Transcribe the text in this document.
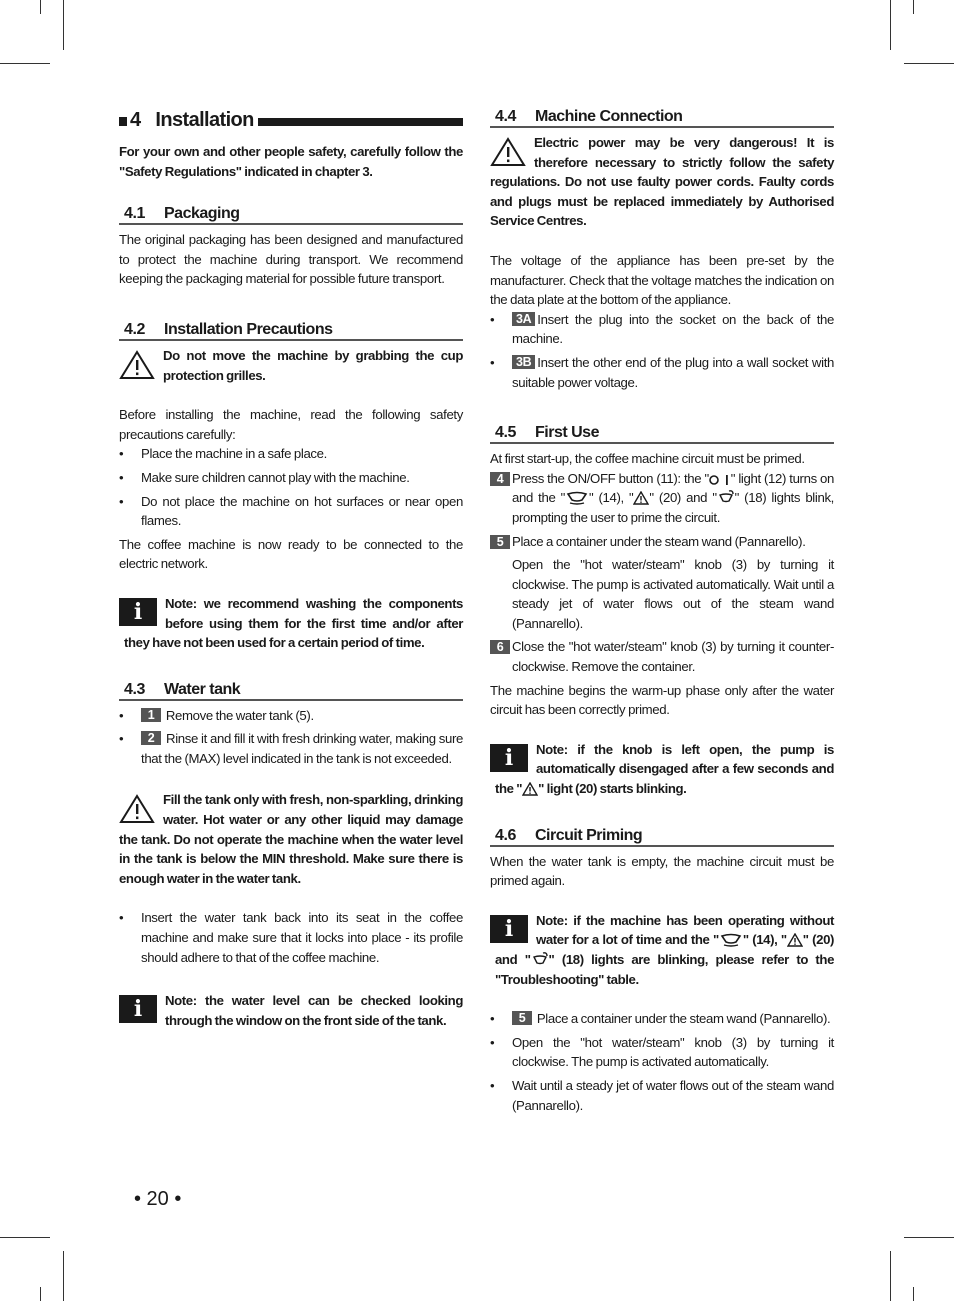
4 Installation

For your own and other people safety, carefully follow the "Safety Regulations" indicated in chapter 3.

4.1	Packaging

The original packaging has been designed and manufactured to protect the machine during transport. We recommend keeping the packaging material for possible future transport.

4.2	Installation Precautions

Do not move the machine by grabbing the cup protection grilles.

Before installing the machine, read the following safety precautions carefully:

• Place the machine in a safe place.
• Make sure children cannot play with the machine.
• Do not place the machine on hot surfaces or near open flames.

The coffee machine is now ready to be connected to the electric network.

i	Note: we recommend washing the components before using them for the first time and/or after they have not been used for a certain period of time.

4.3	Water tank
• 1 Remove the water tank (5).
• 2 Rinse it and fill it with fresh drinking water, making sure that the (MAX) level indicated in the tank is not exceeded.

Fill the tank only with fresh, non-sparkling, drinking water. Hot water or any other liquid may damage the tank. Do not operate the machine when the water level in the tank is below the MIN threshold. Make sure there is enough water in the water tank.

• Insert the water tank back into its seat in the coffee machine and make sure that it locks into place - its profile should adhere to that of the coffee machine.
i	Note: the water level can be checked looking through the window on the front side of the tank.

4.4	Machine Connection

Electric power may be very dangerous! It is therefore necessary to strictly follow the safety regulations. Do not use faulty power cords. Faulty cords and plugs must be replaced immediately by Authorised Service Centres.

The voltage of the appliance has been pre-set by the manufacturer. Check that the voltage matches the indication on the data plate at the bottom of the appliance.

• 3A Insert the plug into the socket on the back of the machine.
• 3B Insert the other end of the plug into a wall socket with suitable power voltage.
4.5	First Use

At first start-up, the coffee machine circuit must be primed.

4 Press the ON/OFF button (11): the " " light (12) turns on and the " " (14), " " (20) and " " (18) lights blink, prompting the user to prime the circuit.

5 Place a container under the steam wand (Pannarello).

Open the "hot water/steam" knob (3) by turning it clockwise. The pump is activated automatically. Wait until a steady jet of water flows out of the steam wand (Pannarello).

6 Close the "hot water/steam" knob (3) by turning it counter-clockwise. Remove the container.

The machine begins the warm-up phase only after the water circuit has been correctly primed.

i	Note: if the knob is left open, the pump is automatically disengaged after a few seconds and the " " light (20) starts blinking.

4.6	Circuit Priming

When the water tank is empty, the machine circuit must be primed again.

i	Note: if the machine has been operating without water for a lot of time and the " " (14), " " (20) and " " (18) lights are blinking, please refer to the "Troubleshooting" table.

• 5 Place a container under the steam wand (Pannarello).
• Open the "hot water/steam" knob (3) by turning it clockwise. The pump is activated automatically.
• Wait until a steady jet of water flows out of the steam wand (Pannarello).
• 20 •
